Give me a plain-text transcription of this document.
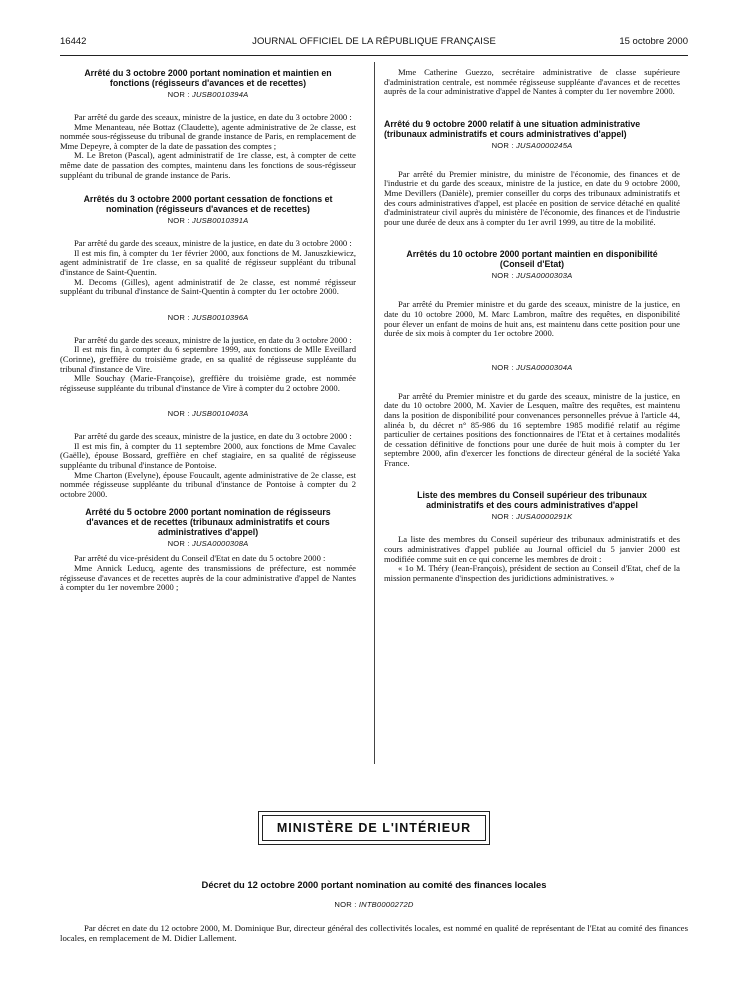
16442	JOURNAL OFFICIEL DE LA RÉPUBLIQUE FRANÇAISE	15 octobre 2000
Arrêté du 3 octobre 2000 portant nomination et maintien en fonctions (régisseurs d'avances et de recettes)
NOR : JUSB0010394A

Par arrêté du garde des sceaux, ministre de la justice, en date du 3 octobre 2000 :

Mme Menanteau, née Bottaz (Claudette), agente administrative de 2e classe, est nommée sous-régisseuse du tribunal de grande instance de Paris, en remplacement de Mme Depeyre, à compter de la date de passation des comptes ;

M. Le Breton (Pascal), agent administratif de 1re classe, est, à compter de cette même date de passation des comptes, maintenu dans les fonctions de sous-régisseur suppléant du tribunal de grande instance de Paris.

Arrêtés du 3 octobre 2000 portant cessation de fonctions et nomination (régisseurs d'avances et de recettes)
NOR : JUSB0010391A

Par arrêté du garde des sceaux, ministre de la justice, en date du 3 octobre 2000 :

Il est mis fin, à compter du 1er février 2000, aux fonctions de M. Januszkiewicz, agent administratif de 1re classe, en sa qualité de régisseur suppléant du tribunal d'instance de Saint-Quentin.

M. Decoms (Gilles), agent administratif de 2e classe, est nommé régisseur suppléant du tribunal d'instance de Saint-Quentin à compter du 1er octobre 2000.

NOR : JUSB0010396A

Par arrêté du garde des sceaux, ministre de la justice, en date du 3 octobre 2000 :

Il est mis fin, à compter du 6 septembre 1999, aux fonctions de Mlle Eveillard (Corinne), greffière du troisième grade, en sa qualité de régisseuse suppléante du tribunal d'instance de Vire.

Mlle Souchay (Marie-Françoise), greffière du troisième grade, est nommée régisseuse suppléante du tribunal d'instance de Vire à compter du 2 octobre 2000.

NOR : JUSB0010403A

Par arrêté du garde des sceaux, ministre de la justice, en date du 3 octobre 2000 :

Il est mis fin, à compter du 11 septembre 2000, aux fonctions de Mme Cavalec (Gaëlle), épouse Bossard, greffière en chef stagiaire, en sa qualité de régisseuse suppléante du tribunal d'instance de Pontoise.

Mme Charton (Evelyne), épouse Foucault, agente administrative de 2e classe, est nommée régisseuse suppléante du tribunal d'instance de Pontoise à compter du 2 octobre 2000.

Arrêté du 5 octobre 2000 portant nomination de régisseurs d'avances et de recettes (tribunaux administratifs et cours administratives d'appel)
NOR : JUSA0000308A

Par arrêté du vice-président du Conseil d'Etat en date du 5 octobre 2000 :

Mme Annick Leducq, agente des transmissions de préfecture, est nommée régisseuse d'avances et de recettes auprès de la cour administrative d'appel de Nantes à compter du 1er novembre 2000 ;

Mme Catherine Guezzo, secrétaire administrative de classe supérieure d'administration centrale, est nommée régisseuse suppléante d'avances et de recettes auprès de la cour administrative d'appel de Nantes à compter du 1er novembre 2000.

Arrêté du 9 octobre 2000 relatif à une situation administrative (tribunaux administratifs et cours administratives d'appel)
NOR : JUSA0000245A

Par arrêté du Premier ministre, du ministre de l'économie, des finances et de l'industrie et du garde des sceaux, ministre de la justice, en date du 9 octobre 2000, Mme Devillers (Danièle), premier conseiller du corps des tribunaux administratifs et des cours administratives d'appel, est placée en position de service détaché en qualité d'administrateur civil auprès du ministère de l'économie, des finances et de l'industrie pour une durée de deux ans à compter du 1er avril 1999, au titre de la mobilité.

Arrêtés du 10 octobre 2000 portant maintien en disponibilité (Conseil d'Etat)
NOR : JUSA0000303A

Par arrêté du Premier ministre et du garde des sceaux, ministre de la justice, en date du 10 octobre 2000, M. Marc Lambron, maître des requêtes, en disponibilité pour élever un enfant de moins de huit ans, est maintenu dans cette position pour une durée de six mois à compter du 1er octobre 2000.

NOR : JUSA0000304A

Par arrêté du Premier ministre et du garde des sceaux, ministre de la justice, en date du 10 octobre 2000, M. Xavier de Lesquen, maître des requêtes, est maintenu dans la position de disponibilité pour convenances personnelles prévue à l'article 44, alinéa b, du décret n° 85-986 du 16 septembre 1985 modifié relatif au régime particulier de certaines positions des fonctionnaires de l'Etat et à certaines modalités de cessation définitive de fonctions pour une durée de huit mois à compter du 1er septembre 2000, afin d'exercer les fonctions de directeur général de la société Yaka France.

Liste des membres du Conseil supérieur des tribunaux administratifs et des cours administratives d'appel
NOR : JUSA0000291K

La liste des membres du Conseil supérieur des tribunaux administratifs et des cours administratives d'appel publiée au Journal officiel du 5 janvier 2000 est modifiée comme suit en ce qui concerne les membres de droit :

« 1o M. Théry (Jean-François), président de section au Conseil d'Etat, chef de la mission permanente d'inspection des juridictions administratives. »

MINISTÈRE DE L'INTÉRIEUR
Décret du 12 octobre 2000 portant nomination au comité des finances locales
NOR : INTB0000272D

Par décret en date du 12 octobre 2000, M. Dominique Bur, directeur général des collectivités locales, est nommé en qualité de représentant de l'Etat au comité des finances locales, en remplacement de M. Didier Lallement.
